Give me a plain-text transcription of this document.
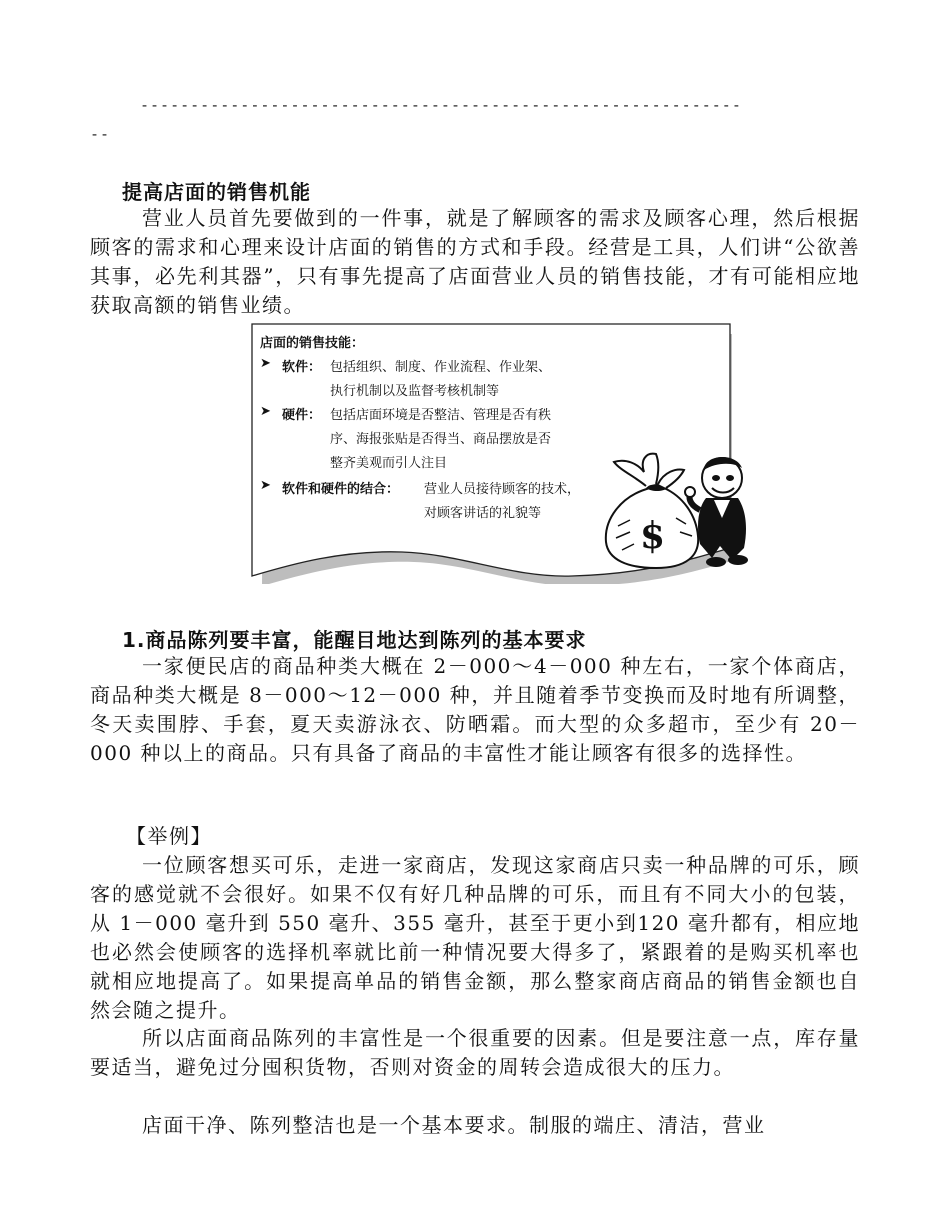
------------------------------------------------------------
--
提高店面的销售机能

营业人员首先要做到的一件事，就是了解顾客的需求及顾客心理，然后根据顾客的需求和心理来设计店面的销售的方式和手段。经营是工具，人们讲“公欲善其事，必先利其器”，只有事先提高了店面营业人员的销售技能，才有可能相应地获取高额的销售业绩。

店面的销售技能：
➤ 软件： 包括组织、制度、作业流程、作业架、
执行机制以及监督考核机制等
➤ 硬件： 包括店面环境是否整洁、管理是否有秩
序、海报张贴是否得当、商品摆放是否
整齐美观而引人注目
➤ 软件和硬件的结合： 营业人员接待顾客的技术，
对顾客讲话的礼貌等
$
1.商品陈列要丰富，能醒目地达到陈列的基本要求

一家便民店的商品种类大概在 2－000～4－000 种左右，一家个体商店，商品种类大概是 8－000～12－000 种，并且随着季节变换而及时地有所调整，冬天卖围脖、手套，夏天卖游泳衣、防晒霜。而大型的众多超市，至少有 20－000 种以上的商品。只有具备了商品的丰富性才能让顾客有很多的选择性。

【举例】

一位顾客想买可乐，走进一家商店，发现这家商店只卖一种品牌的可乐，顾客的感觉就不会很好。如果不仅有好几种品牌的可乐，而且有不同大小的包装，从 1－000 毫升到 550 毫升、355 毫升，甚至于更小到120 毫升都有，相应地也必然会使顾客的选择机率就比前一种情况要大得多了，紧跟着的是购买机率也就相应地提高了。如果提高单品的销售金额，那么整家商店商品的销售金额也自然会随之提升。

所以店面商品陈列的丰富性是一个很重要的因素。但是要注意一点，库存量要适当，避免过分囤积货物，否则对资金的周转会造成很大的压力。

店面干净、陈列整洁也是一个基本要求。制服的端庄、清洁，营业
